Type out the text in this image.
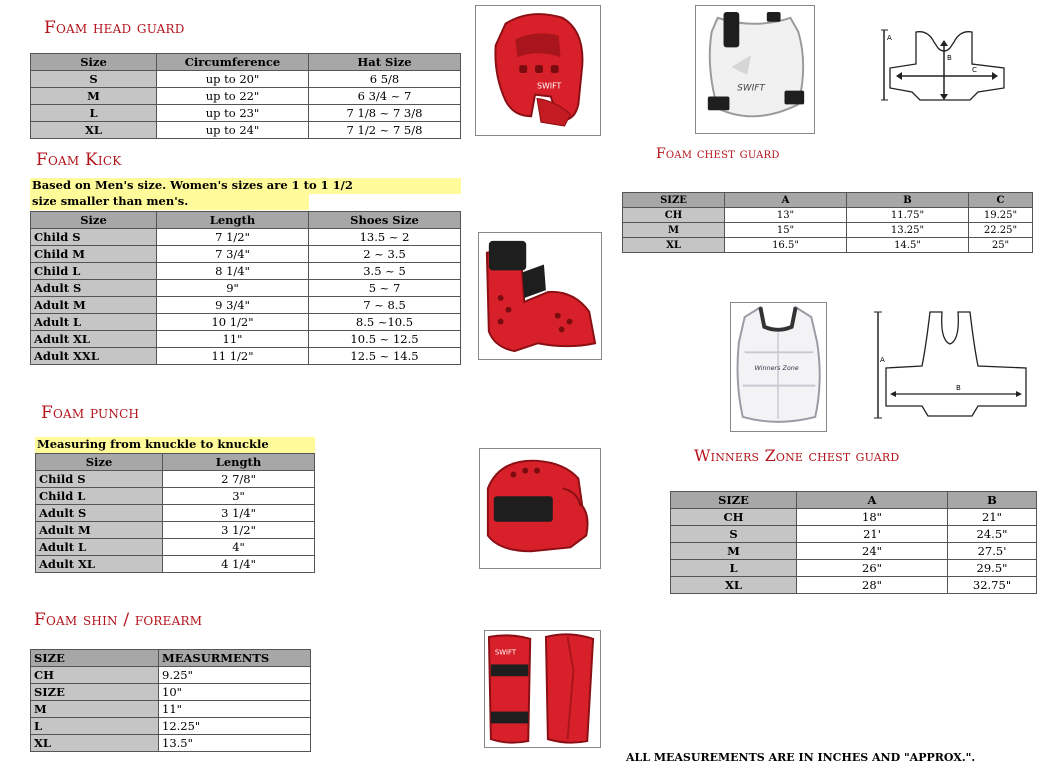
Foam head guard
Size	Circumference	Hat Size
S	up to 20"	6 5/8
M	up to 22"	6 3/4 ~ 7
L	up to 23"	7 1/8 ~ 7 3/8
XL	up to 24"	7 1/2 ~ 7 5/8
Foam Kick
Based on Men's size. Women's sizes are 1 to 1 1/2
size smaller than men's.
Size	Length	Shoes Size
Child S	7 1/2"	13.5 ~ 2
Child M	7 3/4"	2 ~ 3.5
Child L	8 1/4"	3.5 ~ 5
Adult S	9"	5 ~ 7
Adult M	9 3/4"	7 ~ 8.5
Adult L	10 1/2"	8.5 ~10.5
Adult XL	11"	10.5 ~ 12.5
Adult XXL	11 1/2"	12.5 ~ 14.5
Foam punch
Measuring from knuckle to knuckle
Size	Length
Child S	2 7/8"
Child L	3"
Adult S	3 1/4"
Adult M	3 1/2"
Adult L	4"
Adult XL	4 1/4"
Foam shin / forearm
SIZE	MEASURMENTS
CH	9.25"
SIZE	10"
M	11"
L	12.25"
XL	13.5"
SWIFT
SWIFT
SWIFT
A
B
C
Foam chest guard
SIZE	A	B	C
CH	13"	11.75"	19.25"
M	15"	13.25"	22.25"
XL	16.5"	14.5"	25"
Winners Zone
A
B
Winners Zone chest guard
SIZE	A	B
CH	18"	21"
S	21'	24.5"
M	24"	27.5'
L	26"	29.5"
XL	28"	32.75"
ALL MEASUREMENTS ARE IN INCHES AND "APPROX.".
